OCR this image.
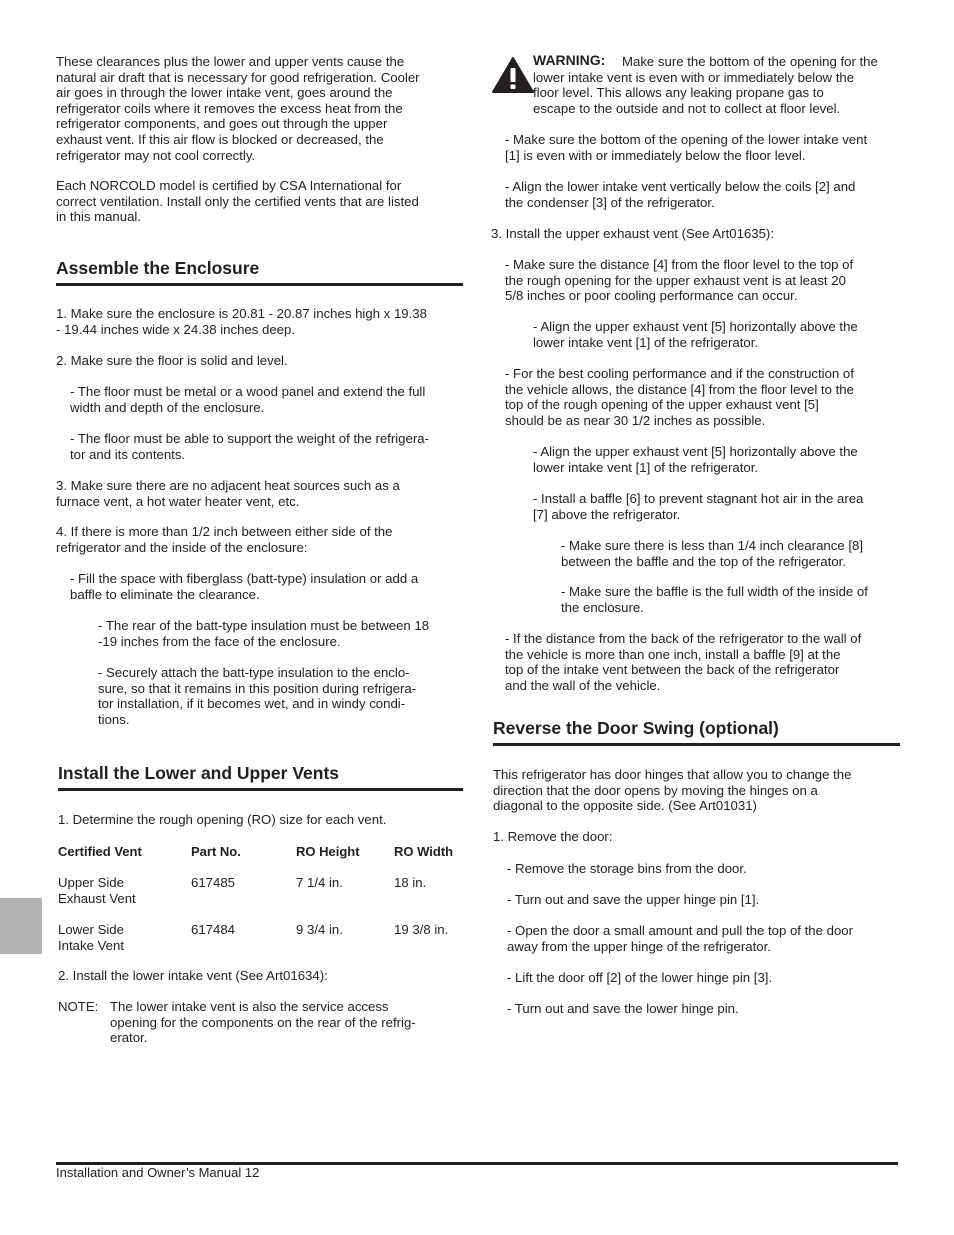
These clearances plus the lower and upper vents cause the
natural air draft that is necessary for good refrigeration. Cooler
air goes in through the lower intake vent, goes around the
refrigerator coils where it removes the excess heat from the
refrigerator components, and goes out through the upper
exhaust vent. If this air flow is blocked or decreased, the
refrigerator may not cool correctly.

Each NORCOLD model is certified by CSA International for
correct ventilation. Install only the certified vents that are listed
in this manual.

Assemble the Enclosure

1. Make sure the enclosure is 20.81 - 20.87 inches high x 19.38
- 19.44 inches wide x 24.38 inches deep.

2. Make sure the floor is solid and level.

- The floor must be metal or a wood panel and extend the full
width and depth of the enclosure.

- The floor must be able to support the weight of the refrigera-
tor and its contents.

3. Make sure there are no adjacent heat sources such as a
furnace vent, a hot water heater vent, etc.

4. If there is more than 1/2 inch between either side of the
refrigerator and the inside of the enclosure:

- Fill the space with fiberglass (batt-type) insulation or add a
baffle to eliminate the clearance.

- The rear of the batt-type insulation must be between 18
-19 inches from the face of the enclosure.

- Securely attach the batt-type insulation to the enclo-
sure, so that it remains in this position during refrigera-
tor installation, if it becomes wet, and in windy condi-
tions.

Install the Lower and Upper Vents

1. Determine the rough opening (RO) size for each vent.

Certified Vent	Part No.	RO Height	RO Width
Upper Side
Exhaust Vent
617485	7 1/4 in.	18 in.
Lower Side
Intake Vent
617484	9 3/4 in.	19 3/8 in.

2. Install the lower intake vent (See Art01634):

NOTE: The lower intake vent is also the service access
opening for the components on the rear of the refrig-
erator.

WARNING:	Make sure the bottom of the opening for the
lower intake vent is even with or immediately below the
floor level. This allows any leaking propane gas to
escape to the outside and not to collect at floor level.

- Make sure the bottom of the opening of the lower intake vent
[1] is even with or immediately below the floor level.

- Align the lower intake vent vertically below the coils [2] and
the condenser [3] of the refrigerator.

3. Install the upper exhaust vent (See Art01635):

- Make sure the distance [4] from the floor level to the top of
the rough opening for the upper exhaust vent is at least 20
5/8 inches or poor cooling performance can occur.

- Align the upper exhaust vent [5] horizontally above the
lower intake vent [1] of the refrigerator.

- For the best cooling performance and if the construction of
the vehicle allows, the distance [4] from the floor level to the
top of the rough opening of the upper exhaust vent [5]
should be as near 30 1/2 inches as possible.

- Align the upper exhaust vent [5] horizontally above the
lower intake vent [1] of the refrigerator.

- Install a baffle [6] to prevent stagnant hot air in the area
[7] above the refrigerator.

- Make sure there is less than 1/4 inch clearance [8]
between the baffle and the top of the refrigerator.

- Make sure the baffle is the full width of the inside of
the enclosure.

- If the distance from the back of the refrigerator to the wall of
the vehicle is more than one inch, install a baffle [9] at the
top of the intake vent between the back of the refrigerator
and the wall of the vehicle.

Reverse the Door Swing (optional)

This refrigerator has door hinges that allow you to change the
direction that the door opens by moving the hinges on a
diagonal to the opposite side. (See Art01031)

1. Remove the door:

- Remove the storage bins from the door.

- Turn out and save the upper hinge pin [1].

- Open the door a small amount and pull the top of the door
away from the upper hinge of the refrigerator.

- Lift the door off [2] of the lower hinge pin [3].

- Turn out and save the lower hinge pin.

Installation and Owner’s Manual 12
